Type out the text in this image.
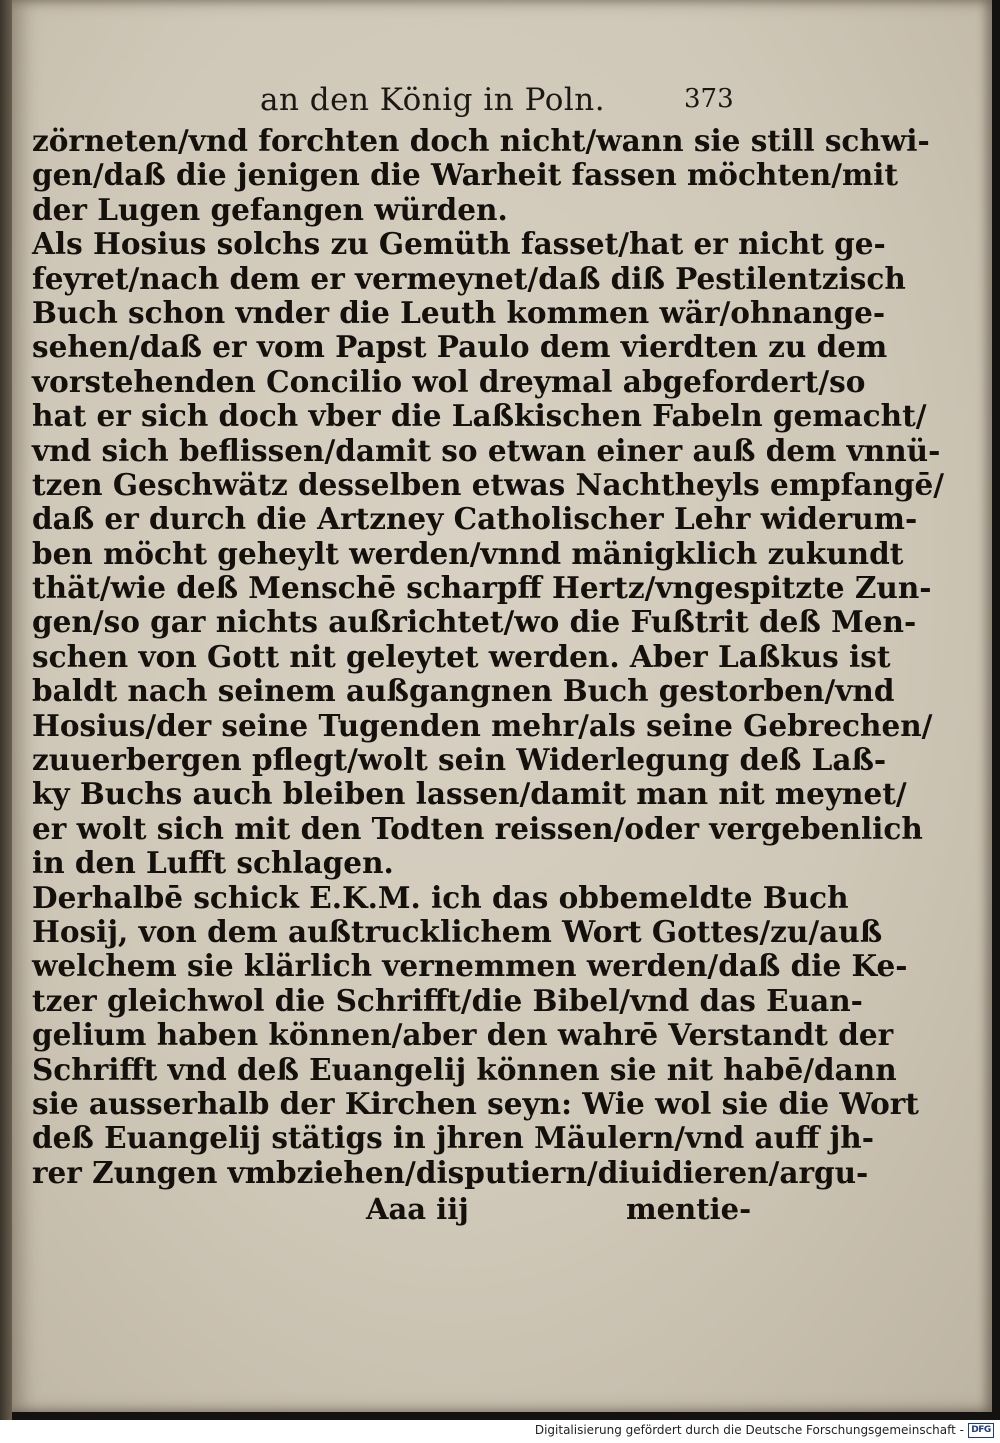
an den König in Poln.	373
zörneten/vnd forchten doch nicht/wann sie still schwi-
gen/daß die jenigen die Warheit fassen möchten/mit
der Lugen gefangen würden.
Als Hosius solchs zu Gemüth fasset/hat er nicht ge-
feyret/nach dem er vermeynet/daß diß Pestilentzisch
Buch schon vnder die Leuth kommen wär/ohnange-
sehen/daß er vom Papst Paulo dem vierdten zu dem
vorstehenden Concilio wol dreymal abgefordert/so
hat er sich doch vber die Laßkischen Fabeln gemacht/
vnd sich beflissen/damit so etwan einer auß dem vnnü-
tzen Geschwätz desselben etwas Nachtheyls empfangē/
daß er durch die Artzney Catholischer Lehr widerum-
ben möcht geheylt werden/vnnd mänigklich zukundt
thät/wie deß Menschē scharpff Hertz/vngespitzte Zun-
gen/so gar nichts außrichtet/wo die Fußtrit deß Men-
schen von Gott nit geleytet werden. Aber Laßkus ist
baldt nach seinem außgangnen Buch gestorben/vnd
Hosius/der seine Tugenden mehr/als seine Gebrechen/
zuuerbergen pflegt/wolt sein Widerlegung deß Laß-
ky Buchs auch bleiben lassen/damit man nit meynet/
er wolt sich mit den Todten reissen/oder vergebenlich
in den Lufft schlagen.
Derhalbē schick E.K.M. ich das obbemeldte Buch
Hosij, von dem außtrucklichem Wort Gottes/zu/auß
welchem sie klärlich vernemmen werden/daß die Ke-
tzer gleichwol die Schrifft/die Bibel/vnd das Euan-
gelium haben können/aber den wahrē Verstandt der
Schrifft vnd deß Euangelij können sie nit habē/dann
sie ausserhalb der Kirchen seyn: Wie wol sie die Wort
deß Euangelij stätigs in jhren Mäulern/vnd auff jh-
rer Zungen vmbziehen/disputiern/diuidieren/argu-
Aaa iij	mentie-
Digitalisierung gefördert durch die Deutsche Forschungsgemeinschaft - DFG
